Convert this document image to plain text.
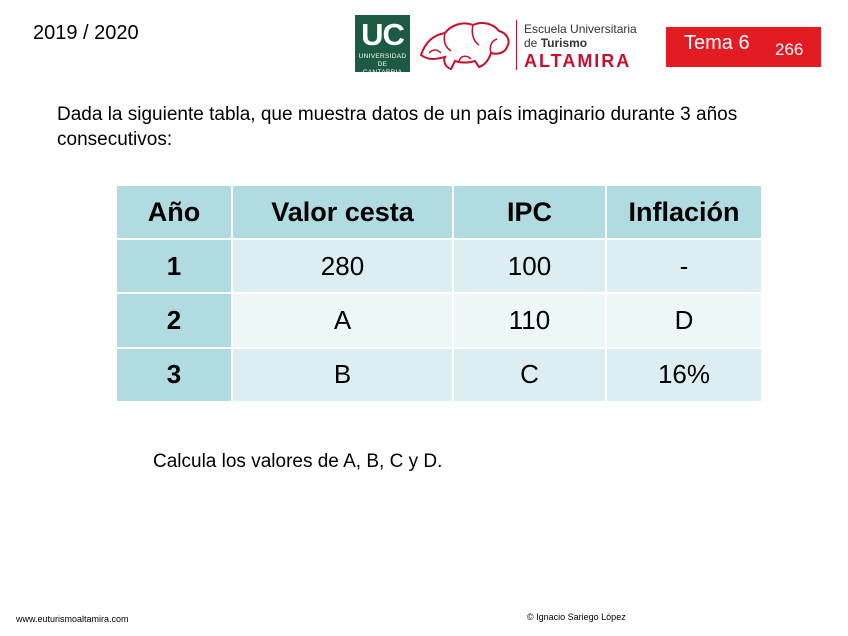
2019 / 2020	UC
UNIVERSIDAD DE CANTABRIA
Escuela Universitaria
de Turismo
ALTAMIRA
Tema 6 266
Dada la siguiente tabla, que muestra datos de un país imaginario durante 3 años consecutivos:
Año	Valor cesta	IPC	Inflación
1	280	100	-
2	A	110	D
3	B	C	16%
Calcula los valores de A, B, C y D.
www.euturismoaltamira.com	© Ignacio Sariego López
